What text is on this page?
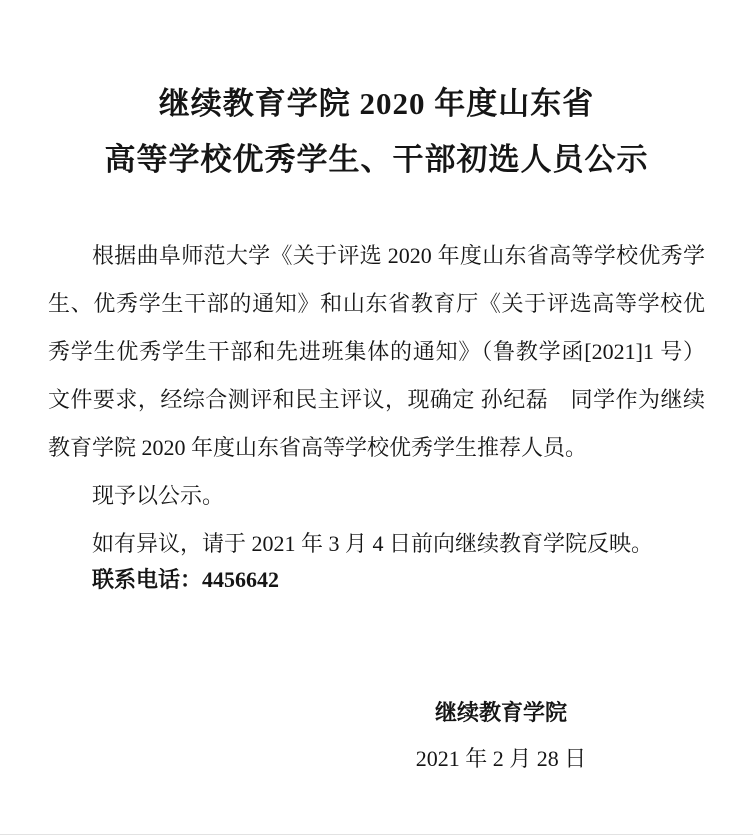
继续教育学院 2020 年度山东省
高等学校优秀学生、干部初选人员公示

根据曲阜师范大学《关于评选 2020 年度山东省高等学校优秀学生、优秀学生干部的通知》和山东省教育厅《关于评选高等学校优秀学生优秀学生干部和先进班集体的通知》（鲁教学函[2021]1 号）文件要求，经综合测评和民主评议，现确定 孙纪磊　同学作为继续教育学院 2020 年度山东省高等学校优秀学生推荐人员。

现予以公示。

如有异议，请于 2021 年 3 月 4 日前向继续教育学院反映。

联系电话：4456642

继续教育学院

2021 年 2 月 28 日
